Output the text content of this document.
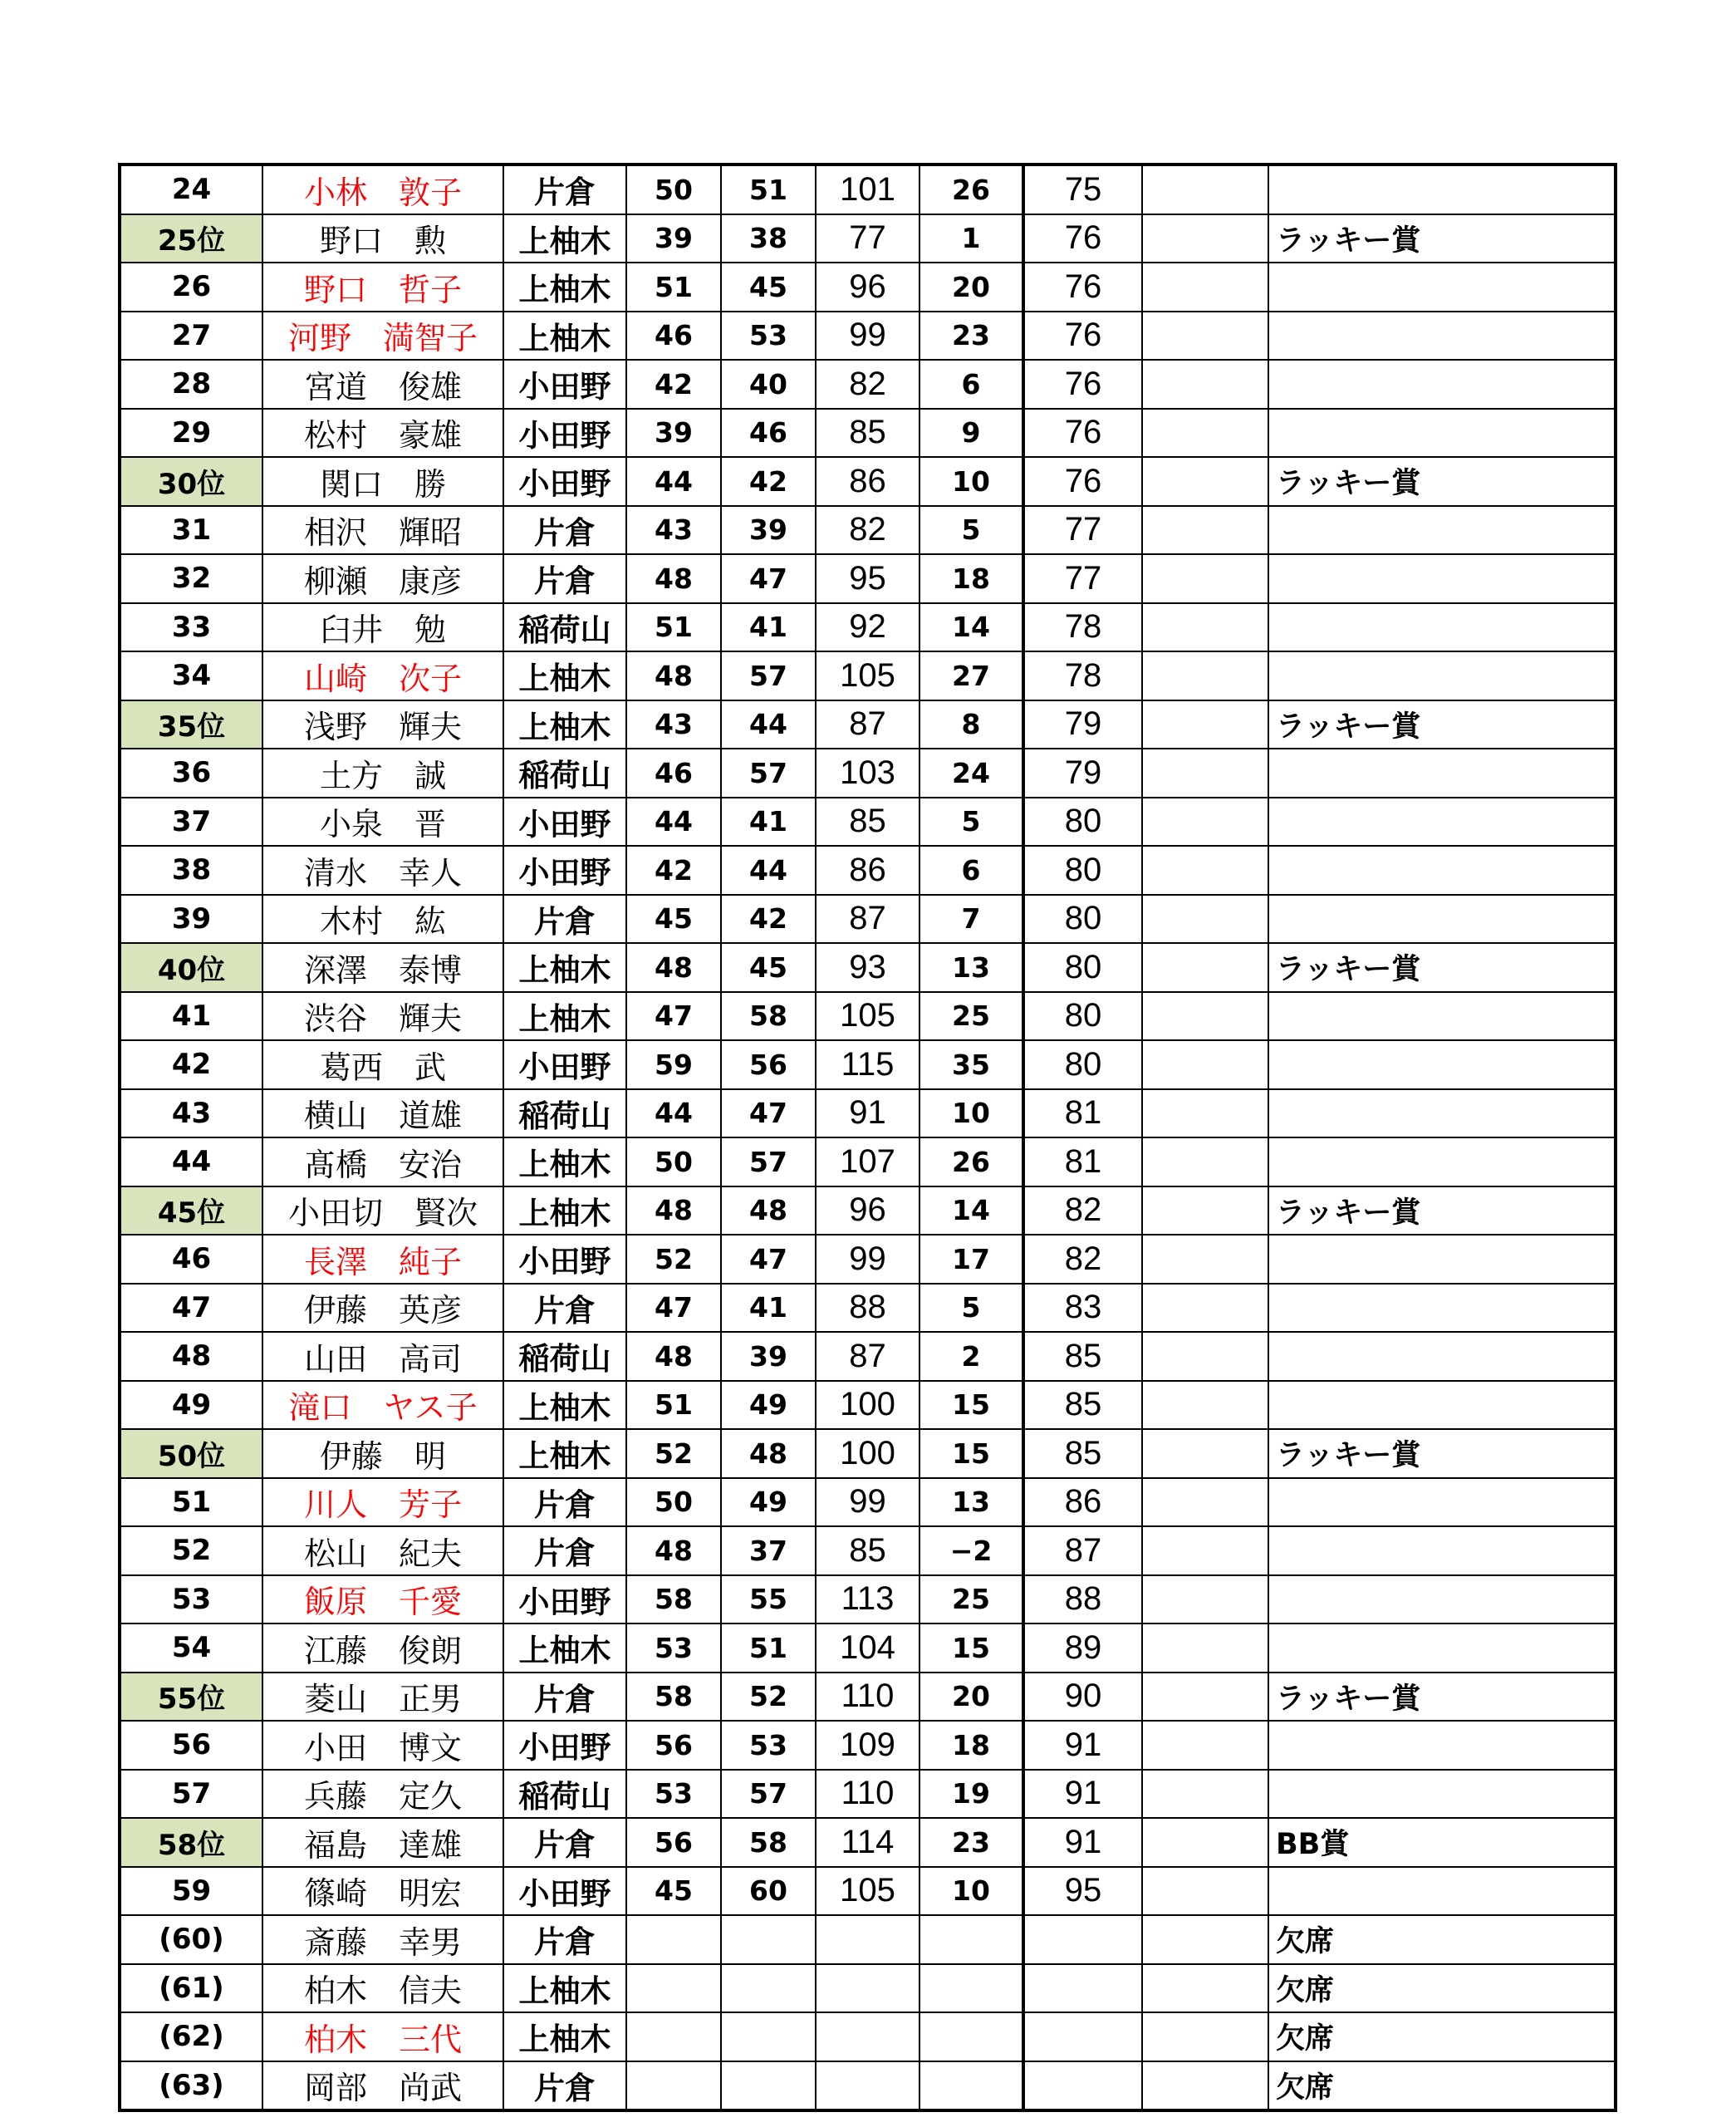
24	小林　敦子	片倉	50	51	101	26	75		
25位	野口　勲	上柚木	39	38	77	1	76		ラッキー賞
26	野口　哲子	上柚木	51	45	96	20	76		
27	河野　満智子	上柚木	46	53	99	23	76		
28	宮道　俊雄	小田野	42	40	82	6	76		
29	松村　豪雄	小田野	39	46	85	9	76		
30位	関口　勝	小田野	44	42	86	10	76		ラッキー賞
31	相沢　輝昭	片倉	43	39	82	5	77		
32	柳瀬　康彦	片倉	48	47	95	18	77		
33	臼井　勉	稲荷山	51	41	92	14	78		
34	山崎　次子	上柚木	48	57	105	27	78		
35位	浅野　輝夫	上柚木	43	44	87	8	79		ラッキー賞
36	土方　誠	稲荷山	46	57	103	24	79		
37	小泉　晋	小田野	44	41	85	5	80		
38	清水　幸人	小田野	42	44	86	6	80		
39	木村　紘	片倉	45	42	87	7	80		
40位	深澤　泰博	上柚木	48	45	93	13	80		ラッキー賞
41	渋谷　輝夫	上柚木	47	58	105	25	80		
42	葛西　武	小田野	59	56	115	35	80		
43	横山　道雄	稲荷山	44	47	91	10	81		
44	髙橋　安治	上柚木	50	57	107	26	81		
45位	小田切　賢次	上柚木	48	48	96	14	82		ラッキー賞
46	長澤　純子	小田野	52	47	99	17	82		
47	伊藤　英彦	片倉	47	41	88	5	83		
48	山田　高司	稲荷山	48	39	87	2	85		
49	滝口　ヤス子	上柚木	51	49	100	15	85		
50位	伊藤　明	上柚木	52	48	100	15	85		ラッキー賞
51	川人　芳子	片倉	50	49	99	13	86		
52	松山　紀夫	片倉	48	37	85	−2	87		
53	飯原　千愛	小田野	58	55	113	25	88		
54	江藤　俊朗	上柚木	53	51	104	15	89		
55位	菱山　正男	片倉	58	52	110	20	90		ラッキー賞
56	小田　博文	小田野	56	53	109	18	91		
57	兵藤　定久	稲荷山	53	57	110	19	91		
58位	福島　達雄	片倉	56	58	114	23	91		BB賞
59	篠崎　明宏	小田野	45	60	105	10	95		
(60)	斎藤　幸男	片倉							欠席
(61)	柏木　信夫	上柚木							欠席
(62)	柏木　三代	上柚木							欠席
(63)	岡部　尚武	片倉							欠席
